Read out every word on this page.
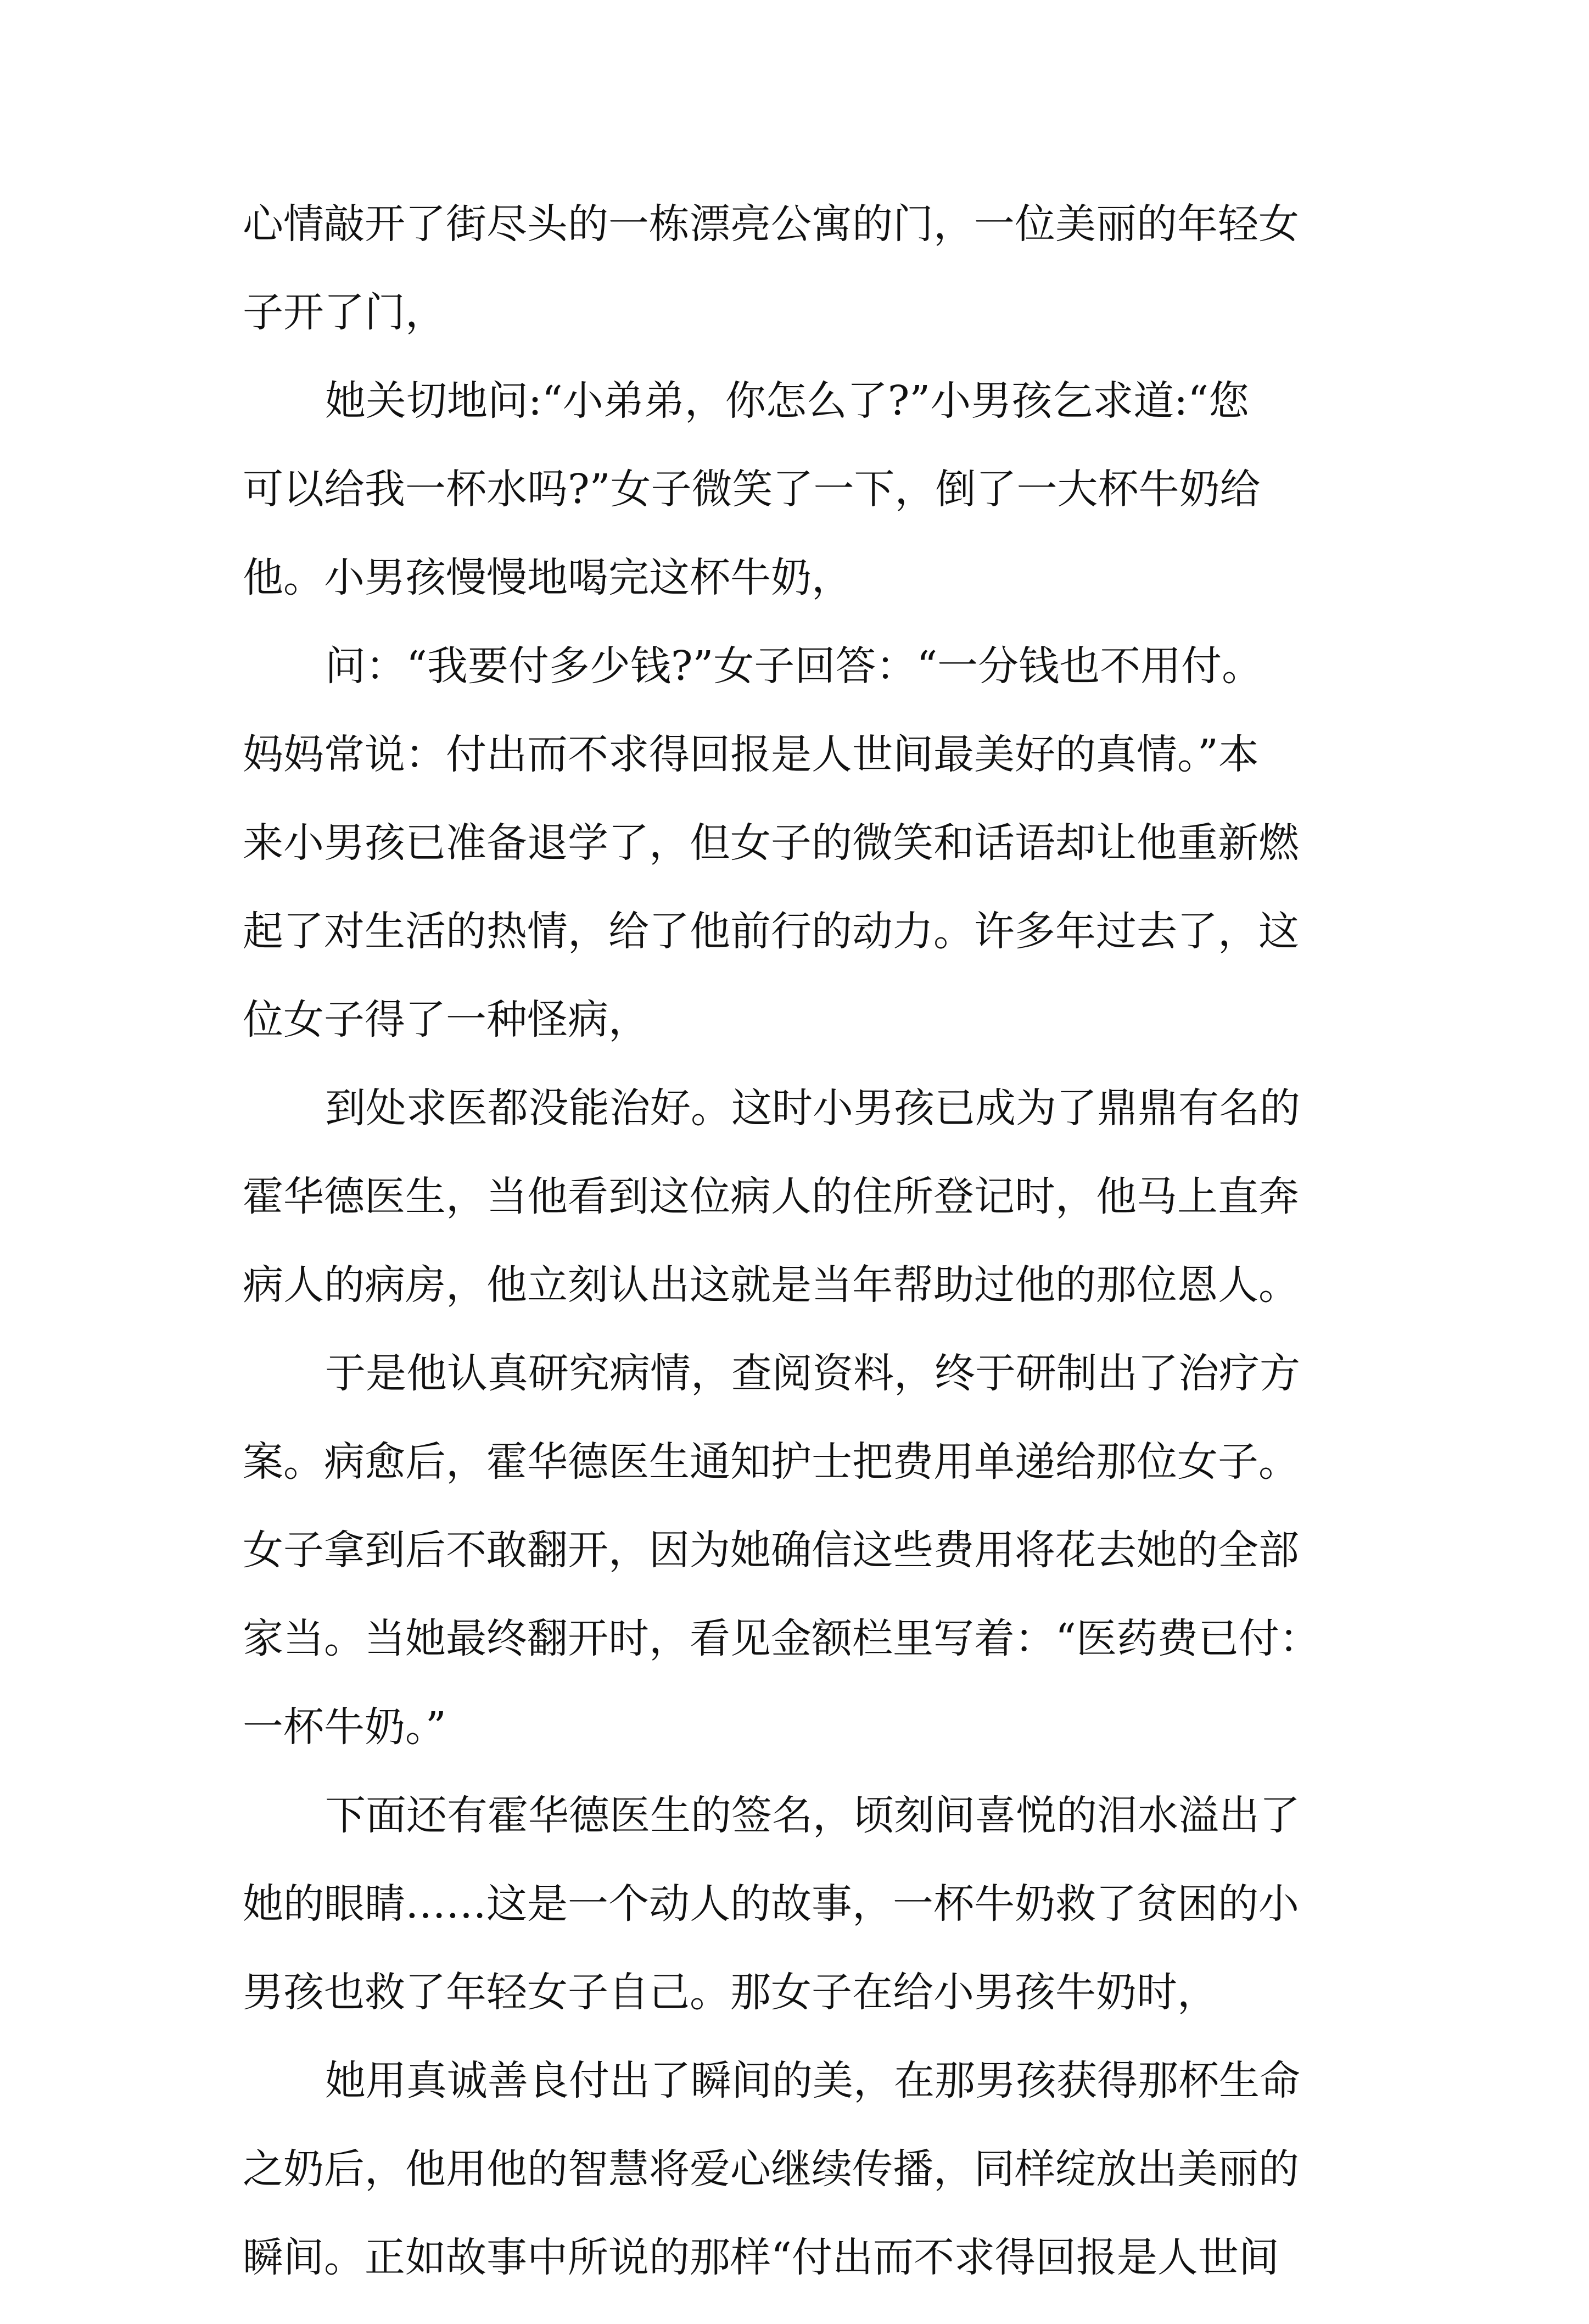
心情敲开了街尽头的一栋漂亮公寓的门，一位美丽的年轻女
子开了门，
她关切地问:“小弟弟，你怎么了?”小男孩乞求道:“您
可以给我一杯水吗?”女子微笑了一下，倒了一大杯牛奶给
他。小男孩慢慢地喝完这杯牛奶，
问：“我要付多少钱?”女子回答：“一分钱也不用付。
妈妈常说：付出而不求得回报是人世间最美好的真情。”本
来小男孩已准备退学了，但女子的微笑和话语却让他重新燃
起了对生活的热情，给了他前行的动力。许多年过去了，这
位女子得了一种怪病，
到处求医都没能治好。这时小男孩已成为了鼎鼎有名的
霍华德医生，当他看到这位病人的住所登记时，他马上直奔
病人的病房，他立刻认出这就是当年帮助过他的那位恩人。
于是他认真研究病情，查阅资料，终于研制出了治疗方
案。病愈后，霍华德医生通知护士把费用单递给那位女子。
女子拿到后不敢翻开，因为她确信这些费用将花去她的全部
家当。当她最终翻开时，看见金额栏里写着：“医药费已付：
一杯牛奶。”
下面还有霍华德医生的签名，顷刻间喜悦的泪水溢出了
她的眼睛……这是一个动人的故事，一杯牛奶救了贫困的小
男孩也救了年轻女子自己。那女子在给小男孩牛奶时，
她用真诚善良付出了瞬间的美，在那男孩获得那杯生命
之奶后，他用他的智慧将爱心继续传播，同样绽放出美丽的
瞬间。正如故事中所说的那样“付出而不求得回报是人世间
